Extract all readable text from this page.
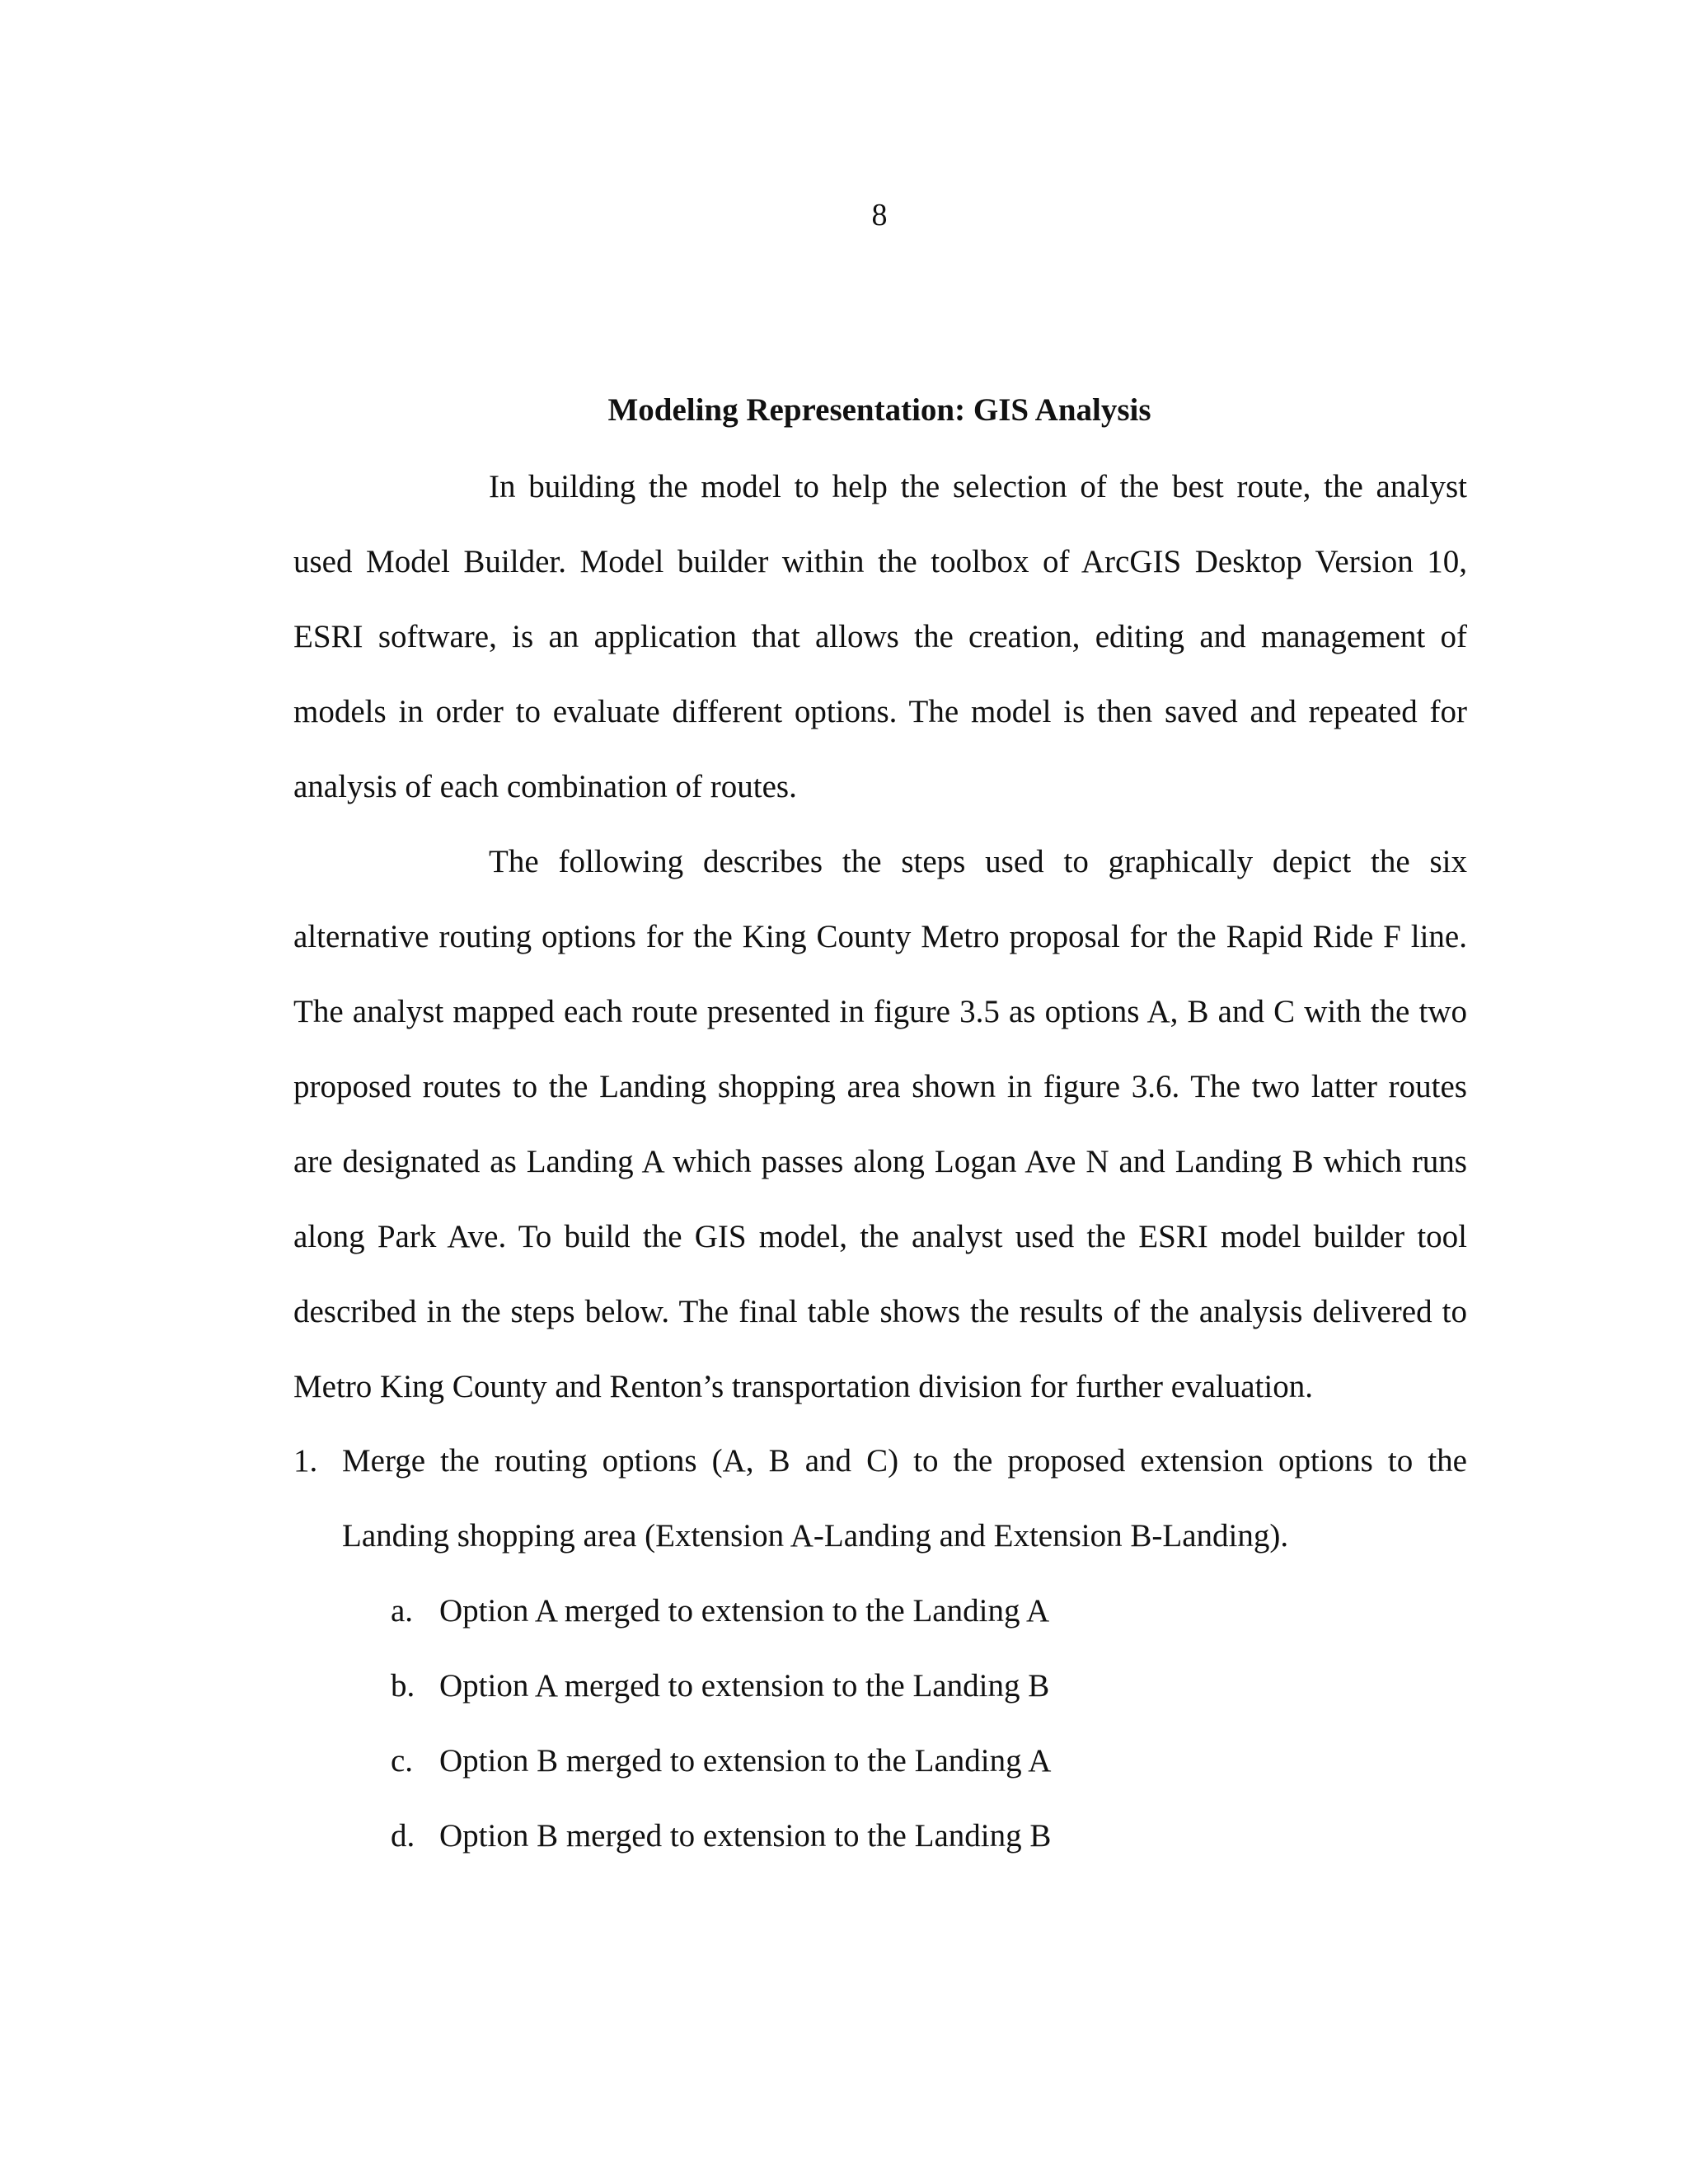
8
Modeling Representation: GIS Analysis

In building the model to help the selection of the best route, the analyst used Model Builder. Model builder within the toolbox of ArcGIS Desktop Version 10, ESRI software, is an application that allows the creation, editing and management of models in order to evaluate different options. The model is then saved and repeated for analysis of each combination of routes.

The following describes the steps used to graphically depict the six alternative routing options for the King County Metro proposal for the Rapid Ride F line. The analyst mapped each route presented in figure 3.5 as options A, B and C with the two proposed routes to the Landing shopping area shown in figure 3.6. The two latter routes are designated as Landing A which passes along Logan Ave N and Landing B which runs along Park Ave. To build the GIS model, the analyst used the ESRI model builder tool described in the steps below. The final table shows the results of the analysis delivered to Metro King County and Renton’s transportation division for further evaluation.

1. Merge the routing options (A, B and C) to the proposed extension options to the Landing shopping area (Extension A-Landing and Extension B-Landing).
a. Option A merged to extension to the Landing A
b. Option A merged to extension to the Landing B
c. Option B merged to extension to the Landing A
d. Option B merged to extension to the Landing B
